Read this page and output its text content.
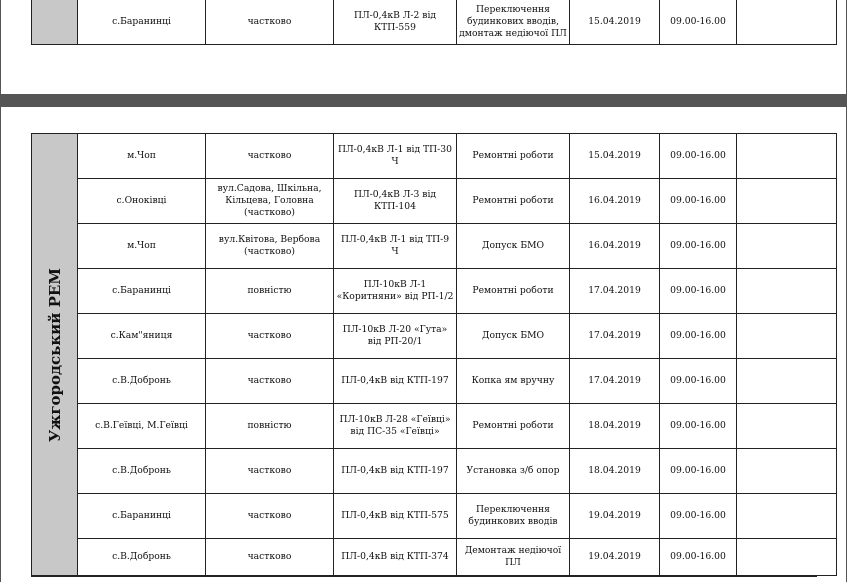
	с.Баранинці	частково	ПЛ-0,4кВ Л-2 від КТП-559	Переключення будинкових вводів, дмонтаж недіючої ПЛ	15.04.2019	09.00-16.00	
Ужгородський РЕМ	м.Чоп	частково	ПЛ-0,4кВ Л-1 від ТП-30 Ч	Ремонтні роботи	15.04.2019	09.00-16.00	
	с.Оноківці	вул.Садова, Шкільна, Кільцева, Головна (частково)	ПЛ-0,4кВ Л-3 від КТП-104	Ремонтні роботи	16.04.2019	09.00-16.00	
	м.Чоп	вул.Квітова, Вербова (частково)	ПЛ-0,4кВ Л-1 від ТП-9 Ч	Допуск БМО	16.04.2019	09.00-16.00	
	с.Баранинці	повністю	ПЛ-10кВ Л-1 «Коритняни» від РП-1/2	Ремонтні роботи	17.04.2019	09.00-16.00	
	с.Кам"яниця	частково	ПЛ-10кВ Л-20 «Гута» від РП-20/1	Допуск БМО	17.04.2019	09.00-16.00	
	с.В.Добронь	частково	ПЛ-0,4кВ від КТП-197	Копка ям вручну	17.04.2019	09.00-16.00	
	с.В.Геївці, М.Геївці	повністю	ПЛ-10кВ Л-28 «Геївці» від ПС-35 «Геївці»	Ремонтні роботи	18.04.2019	09.00-16.00	
	с.В.Добронь	частково	ПЛ-0,4кВ від КТП-197	Установка з/б опор	18.04.2019	09.00-16.00	
	с.Баранинці	частково	ПЛ-0,4кВ від КТП-575	Переключення будинкових вводів	19.04.2019	09.00-16.00	
	с.В.Добронь	частково	ПЛ-0,4кВ від КТП-374	Демонтаж недіючої ПЛ	19.04.2019	09.00-16.00	
